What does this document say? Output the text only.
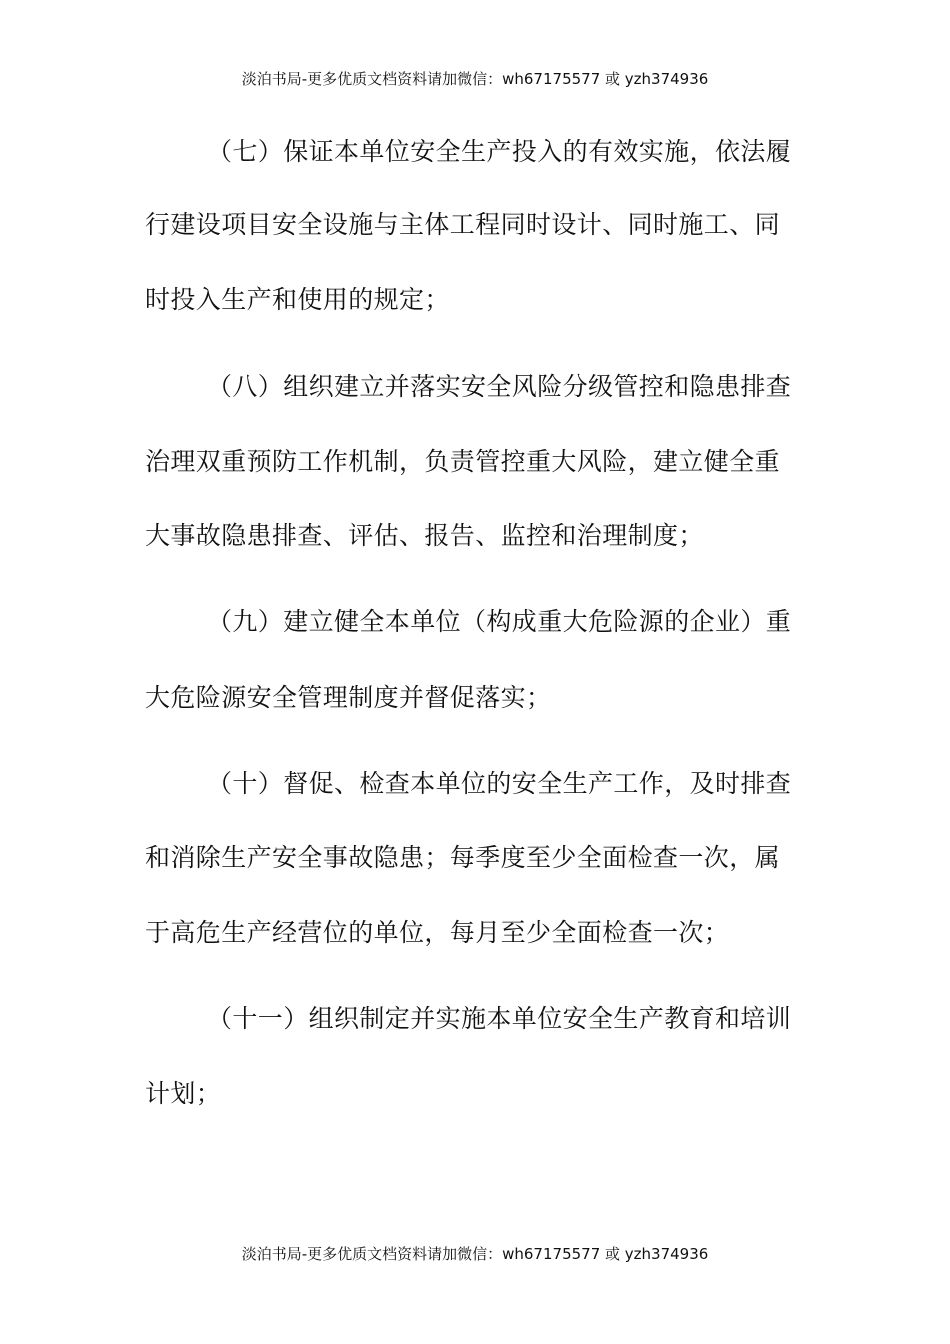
淡泊书局-更多优质文档资料请加微信：wh67175577 或 yzh374936
（七）保证本单位安全生产投入的有效实施，依法履
行建设项目安全设施与主体工程同时设计、同时施工、同
时投入生产和使用的规定；
（八）组织建立并落实安全风险分级管控和隐患排查
治理双重预防工作机制，负责管控重大风险，建立健全重
大事故隐患排查、评估、报告、监控和治理制度；
（九）建立健全本单位（构成重大危险源的企业）重
大危险源安全管理制度并督促落实；
（十）督促、检查本单位的安全生产工作，及时排查
和消除生产安全事故隐患；每季度至少全面检查一次，属
于高危生产经营位的单位，每月至少全面检查一次；
（十一）组织制定并实施本单位安全生产教育和培训
计划；
淡泊书局-更多优质文档资料请加微信：wh67175577 或 yzh374936
